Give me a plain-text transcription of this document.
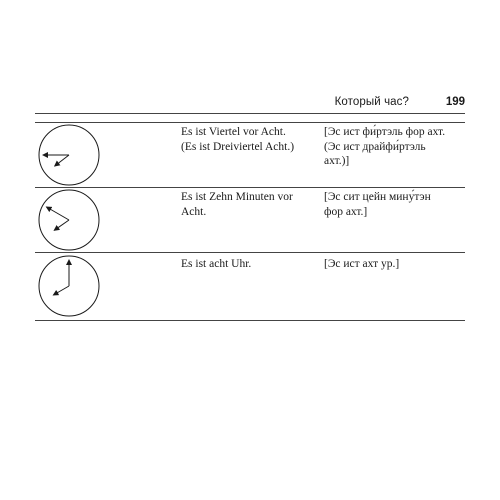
Который час?	199
Es ist Viertel vor Acht.
(Es ist Dreiviertel Acht.)
[Эс ист фи́ртэль фор ахт.
(Эс ист драйфи́ртэль
ахт.)]
Es ist Zehn Minuten vor
Acht.
[Эс сит цейн мину́тэн
фор ахт.]
Es ist acht Uhr.	[Эс ист ахт ур.]
